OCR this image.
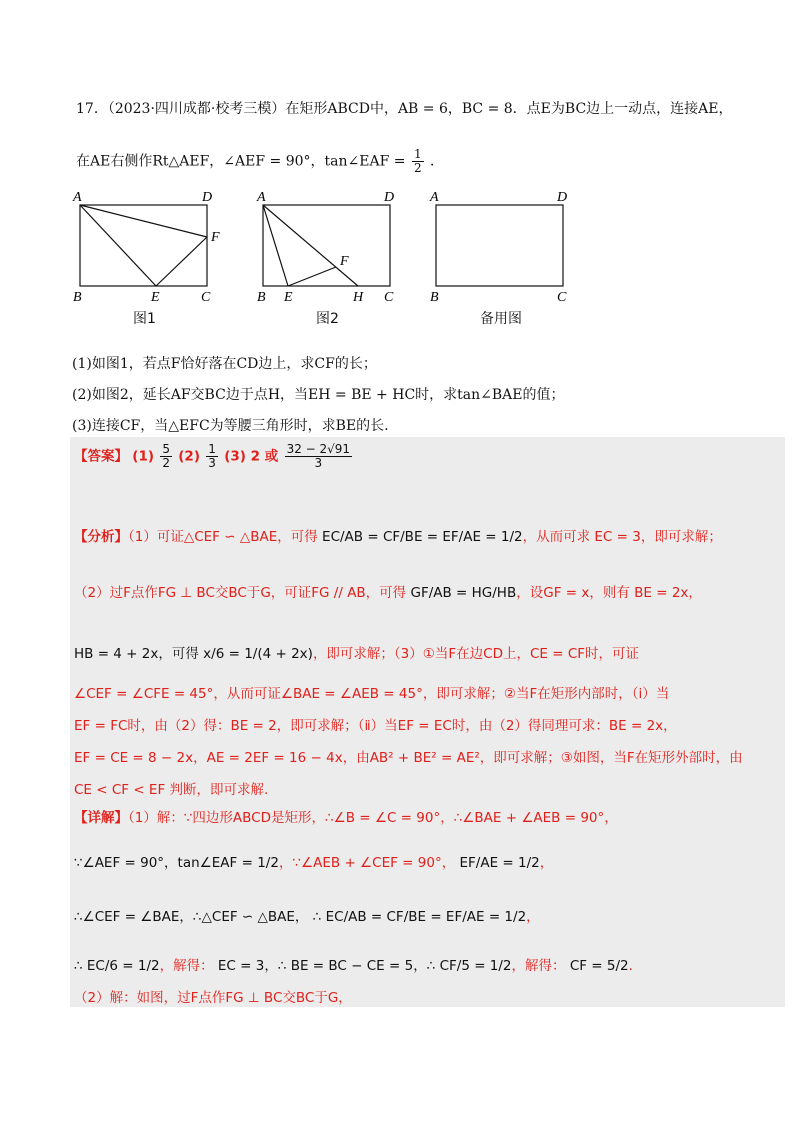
17．（2023·四川成都·校考三模）在矩形ABCD中，AB = 6，BC = 8．点E为BC边上一动点，连接AE，
在AE右侧作Rt△AEF，∠AEF = 90°，tan∠EAF = $\frac{1}{2}$ ．
A	D
B	E	C
F
A	D
B E	H C
F
A	D
B	C
图1	图2	备用图
(1)如图1，若点F恰好落在CD边上，求CF的长；
(2)如图2，延长AF交BC边于点H，当EH = BE + HC时，求tan∠BAE的值；
(3)连接CF，当△EFC为等腰三角形时，求BE的长.
【答案】 $(1) \frac{5}{2} (2) \frac{1}{3} (3)$ 2 或 $\frac{32 - 2√91}{3}$
【分析】（1）可证△CEF ∽ △BAE，可得 EC/AB = CF/BE = EF/AE = 1/2，从而可求 EC = 3，即可求解；
（2）过F点作FG ⊥ BC交BC于G，可证FG // AB，可得 GF/AB = HG/HB，设GF = x，则有 BE = 2x，
HB = 4 + 2x，可得 x/6 = 1/(4 + 2x)，即可求解；（3）①当F在边CD上，CE = CF时，可证
∠CEF = ∠CFE = 45°，从而可证∠BAE = ∠AEB = 45°，即可求解；②当F在矩形内部时，（ⅰ）当
EF = FC时，由（2）得：BE = 2，即可求解；（ⅱ）当EF = EC时，由（2）得同理可求：BE = 2x，
EF = CE = 8 − 2x，AE = 2EF = 16 − 4x，由AB² + BE² = AE²，即可求解；③如图，当F在矩形外部时，由
CE < CF < EF 判断，即可求解.
【详解】（1）解：∵四边形ABCD是矩形，∴∠B = ∠C = 90°，∴∠BAE + ∠AEB = 90°，
∵∠AEF = 90°，tan∠EAF = 1/2，∵∠AEB + ∠CEF = 90°， EF/AE = 1/2，
∴∠CEF = ∠BAE，∴△CEF ∽ △BAE， ∴ EC/AB = CF/BE = EF/AE = 1/2，
∴ EC/6 = 1/2，解得： EC = 3，∴ BE = BC − CE = 5，∴ CF/5 = 1/2，解得： CF = 5/2．
（2）解：如图，过F点作FG ⊥ BC交BC于G，
